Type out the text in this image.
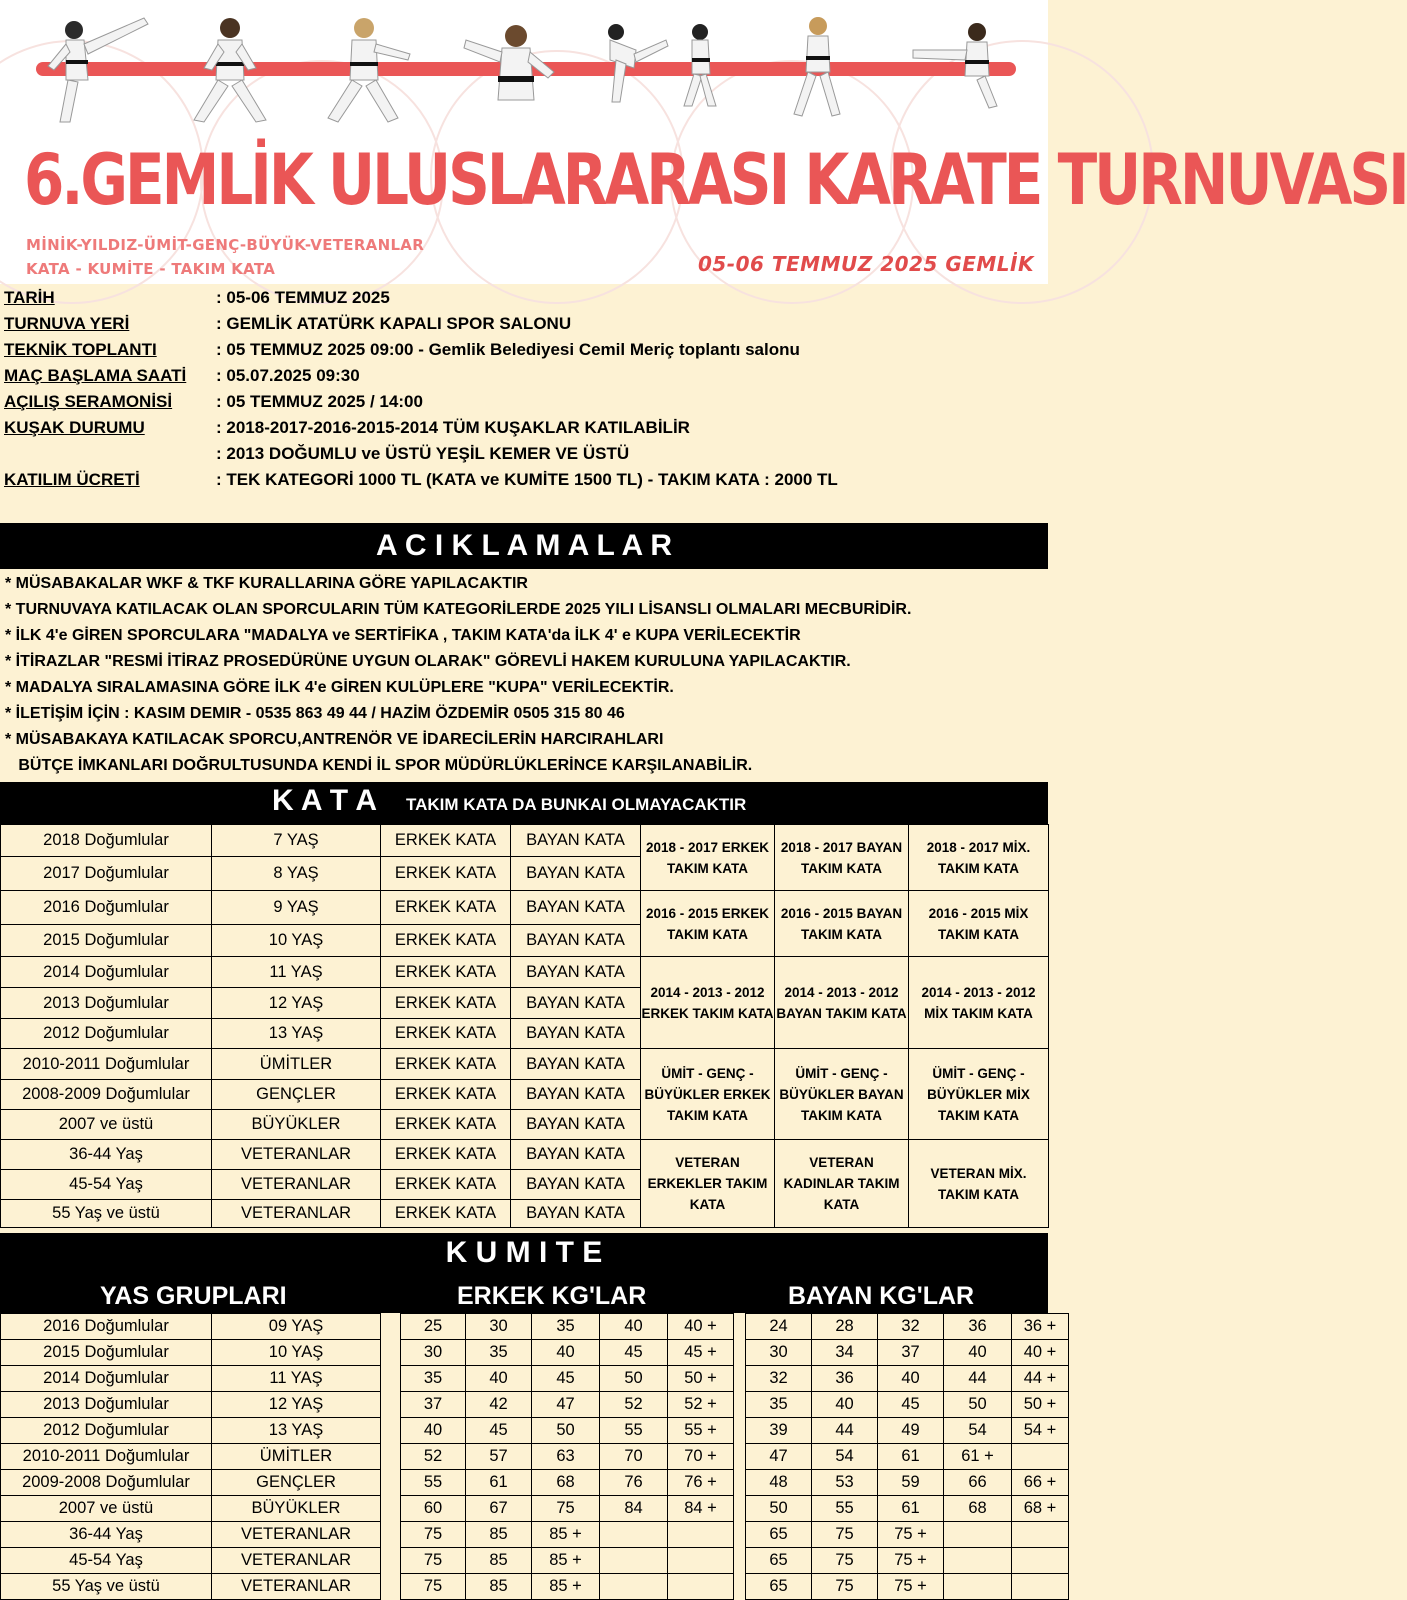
6.GEMLİK ULUSLARARASI KARATE TURNUVASI
MİNİK-YILDIZ-ÜMİT-GENÇ-BÜYÜK-VETERANLAR
KATA - KUMİTE - TAKIM KATA	05-06 TEMMUZ 2025 GEMLİK
TARİH	: 05-06 TEMMUZ 2025
TURNUVA YERİ	: GEMLİK ATATÜRK KAPALI SPOR SALONU
TEKNİK TOPLANTI	: 05 TEMMUZ 2025 09:00 - Gemlik Belediyesi Cemil Meriç toplantı salonu
MAÇ BAŞLAMA SAATİ : 05.07.2025 09:30
AÇILIŞ SERAMONİSİ	: 05 TEMMUZ 2025 / 14:00
KUŞAK DURUMU	: 2018-2017-2016-2015-2014 TÜM KUŞAKLAR KATILABİLİR
: 2013 DOĞUMLU ve ÜSTÜ YEŞİL KEMER VE ÜSTÜ
KATILIM ÜCRETİ	: TEK KATEGORİ 1000 TL (KATA ve KUMİTE 1500 TL) - TAKIM KATA : 2000 TL
A C I K L A M A L A R
* MÜSABAKALAR WKF & TKF KURALLARINA GÖRE YAPILACAKTIR
* TURNUVAYA KATILACAK OLAN SPORCULARIN TÜM KATEGORİLERDE 2025 YILI LİSANSLI OLMALARI MECBURİDİR.
* İLK 4'e GİREN SPORCULARA "MADALYA ve SERTİFİKA , TAKIM KATA'da İLK 4' e KUPA VERİLECEKTİR
* İTİRAZLAR "RESMİ İTİRAZ PROSEDÜRÜNE UYGUN OLARAK" GÖREVLİ HAKEM KURULUNA YAPILACAKTIR.
* MADALYA SIRALAMASINA GÖRE İLK 4'e GİREN KULÜPLERE "KUPA" VERİLECEKTİR.
* İLETİŞİM İÇİN : KASIM DEMIR - 0535 863 49 44 / HAZİM ÖZDEMİR 0505 315 80 46
* MÜSABAKAYA KATILACAK SPORCU,ANTRENÖR VE İDARECİLERİN HARCIRAHLARI
BÜTÇE İMKANLARI DOĞRULTUSUNDA KENDİ İL SPOR MÜDÜRLÜKLERİNCE KARŞILANABİLİR.
K A T A TAKIM KATA DA BUNKAI OLMAYACAKTIR
2018 Doğumlular	7 YAŞ	ERKEK KATA	BAYAN KATA	2018 - 2017 ERKEK TAKIM KATA	2018 - 2017 BAYAN TAKIM KATA	2018 - 2017 MİX. TAKIM KATA
2017 Doğumlular	8 YAŞ	ERKEK KATA	BAYAN KATA			
2016 Doğumlular	9 YAŞ	ERKEK KATA	BAYAN KATA	2016 - 2015 ERKEK TAKIM KATA	2016 - 2015 BAYAN TAKIM KATA	2016 - 2015 MİX TAKIM KATA
2015 Doğumlular	10 YAŞ	ERKEK KATA	BAYAN KATA			
2014 Doğumlular	11 YAŞ	ERKEK KATA	BAYAN KATA	2014 - 2013 - 2012 ERKEK TAKIM KATA	2014 - 2013 - 2012 BAYAN TAKIM KATA	2014 - 2013 - 2012 MİX TAKIM KATA
2013 Doğumlular	12 YAŞ	ERKEK KATA	BAYAN KATA			
2012 Doğumlular	13 YAŞ	ERKEK KATA	BAYAN KATA			
2010-2011 Doğumlular	ÜMİTLER	ERKEK KATA	BAYAN KATA	ÜMİT - GENÇ - BÜYÜKLER ERKEK TAKIM KATA	ÜMİT - GENÇ - BÜYÜKLER BAYAN TAKIM KATA	ÜMİT - GENÇ - BÜYÜKLER MİX TAKIM KATA
2008-2009 Doğumlular	GENÇLER	ERKEK KATA	BAYAN KATA			
2007 ve üstü	BÜYÜKLER	ERKEK KATA	BAYAN KATA			
36-44 Yaş	VETERANLAR	ERKEK KATA	BAYAN KATA	VETERAN ERKEKLER TAKIM KATA	VETERAN KADINLAR TAKIM KATA	VETERAN MİX. TAKIM KATA
45-54 Yaş	VETERANLAR	ERKEK KATA	BAYAN KATA			
55 Yaş ve üstü	VETERANLAR	ERKEK KATA	BAYAN KATA			
K U M I T E
YAS GRUPLARI	ERKEK KG'LAR	BAYAN KG'LAR
2016 Doğumlular	09 YAŞ		25	30	35	40	40 +		24	28	32	36	36 +
2015 Doğumlular	10 YAŞ		30	35	40	45	45 +		30	34	37	40	40 +
2014 Doğumlular	11 YAŞ		35	40	45	50	50 +		32	36	40	44	44 +
2013 Doğumlular	12 YAŞ		37	42	47	52	52 +		35	40	45	50	50 +
2012 Doğumlular	13 YAŞ		40	45	50	55	55 +		39	44	49	54	54 +
2010-2011 Doğumlular	ÜMİTLER		52	57	63	70	70 +		47	54	61	61 +	
2009-2008 Doğumlular	GENÇLER		55	61	68	76	76 +		48	53	59	66	66 +
2007 ve üstü	BÜYÜKLER		60	67	75	84	84 +		50	55	61	68	68 +
36-44 Yaş	VETERANLAR		75	85	85 +				65	75	75 +		
45-54 Yaş	VETERANLAR		75	85	85 +				65	75	75 +		
55 Yaş ve üstü	VETERANLAR		75	85	85 +				65	75	75 +		
